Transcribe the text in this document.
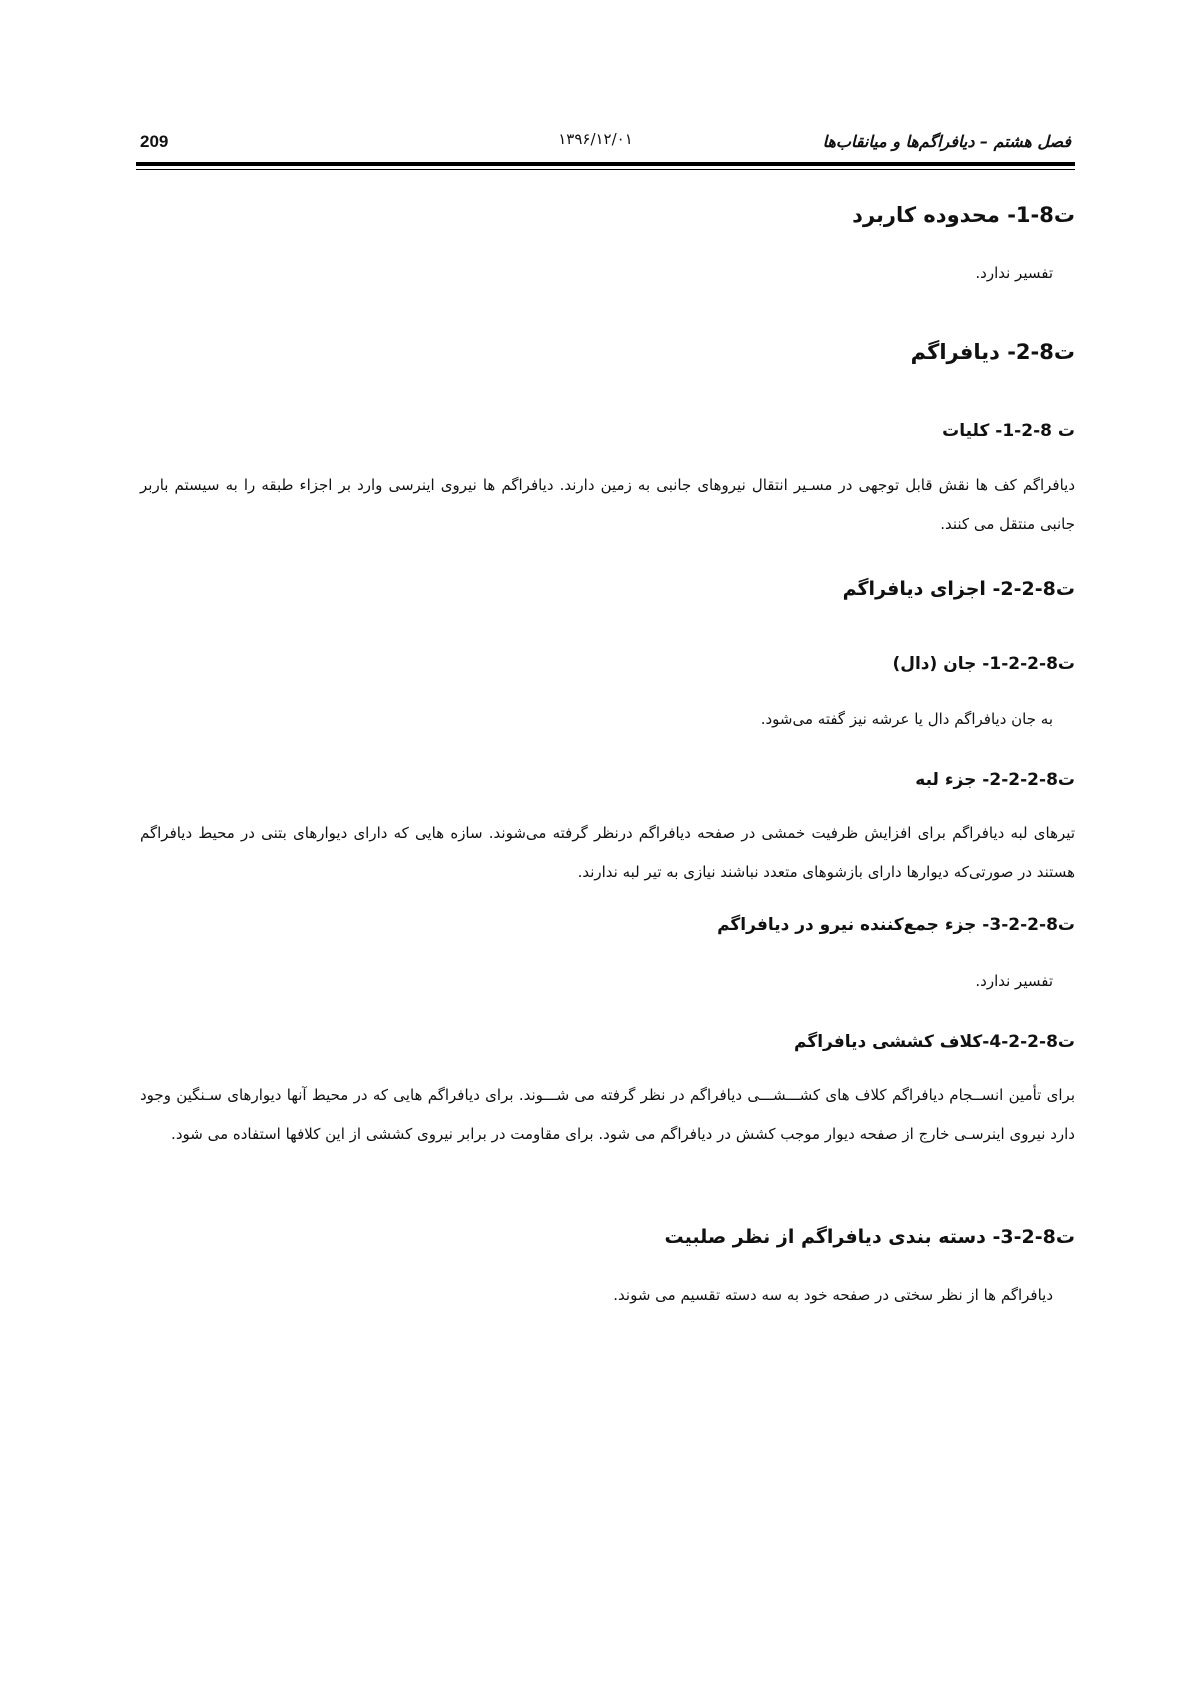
209	۱۳۹۶/۱۲/۰۱	فصل هشتم – دیافراگم‌ها و میانقاب‌ها
ت8-1- محدوده کاربرد
تفسیر ندارد.
ت8-2- دیافراگم
ت 8-2-1- کلیات
دیافراگم کف ها نقش قابل توجهی در مسـیر انتقال نیروهای جانبی به زمین دارند. دیافراگم ها نیروی اینرسی وارد بر اجزاء طبقه را به سیستم باربر جانبی منتقل می کنند.
ت8-2-2- اجزای دیافراگم
ت8-2-2-1- جان (دال)
به جان دیافراگم دال یا عرشه نیز گفته می‌شود.
ت8-2-2-2- جزء لبه
تیرهای لبه دیافراگم برای افزایش ظرفیت خمشی در صفحه دیافراگم درنظر گرفته می‌شوند. سازه هایی که دارای دیوارهای بتنی در محیط دیافراگم هستند در صورتی‌که دیوارها دارای بازشوهای متعدد نباشند نیازی به تیر لبه ندارند.
ت8-2-2-3- جزء جمع‌کننده نیرو در دیافراگم
تفسیر ندارد.
ت8-2-2-4-کلاف کششی دیافراگم
برای تأمین انســجام دیافراگم کلاف های کشـــشـــی دیافراگم در نظر گرفته می شـــوند. برای دیافراگم هایی که در محیط آنها دیوارهای سـنگین وجود دارد نیروی اینرسـی خارج از صفحه دیوار موجب کشش در دیافراگم می شود. برای مقاومت در برابر نیروی کششی از این کلافها استفاده می شود.
ت8-2-3- دسته بندی دیافراگم از نظر صلبیت
دیافراگم ها از نظر سختی در صفحه خود به سه دسته تقسیم می شوند.
